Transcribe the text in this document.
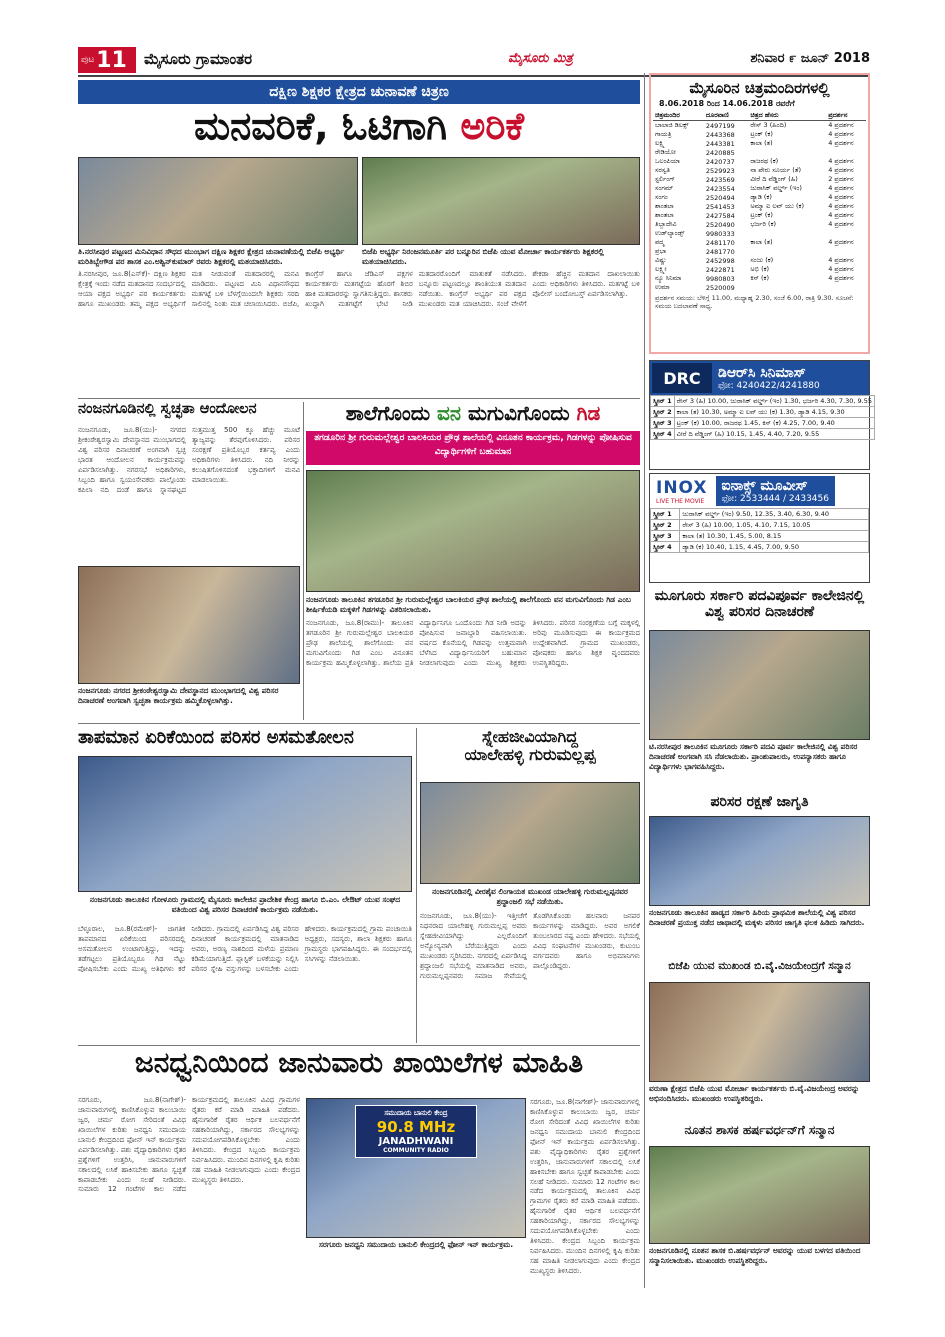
ಪುಟ 11 ಮೈಸೂರು ಗ್ರಾಮಾಂತರ	ಮೈಸೂರು ಮಿತ್ರ	ಶನಿವಾರ ೯ ಜೂನ್ 2018
ದಕ್ಷಿಣ ಶಿಕ್ಷಕರ ಕ್ಷೇತ್ರದ ಚುನಾವಣೆ ಚಿತ್ರಣ
ಮನವರಿಕೆ, ಓಟಿಗಾಗಿ ಅರಿಕೆ
ತಿ.ನರಸೀಪುರ ಪಟ್ಟಣದ ಮಿನಿವಿಧಾನ ಸೌಧದ ಮುಂಭಾಗ ದಕ್ಷಿಣ ಶಿಕ್ಷಕರ ಕ್ಷೇತ್ರದ ಚುನಾವಣೆಯಲ್ಲಿ ಬಿಜೆಪಿ ಅಭ್ಯರ್ಥಿ ಮರಿತಿಬ್ಬೇಗೌಡ ಪರ ಶಾಸಕ ಎಂ.ಅಶ್ವಿನ್‌ಕುಮಾರ್ ರವರು ಶಿಕ್ಷಕರಲ್ಲಿ ಮತಯಾಚಿಸಿದರು.
ಬಿಜೆಪಿ ಅಭ್ಯರ್ಥಿ ನಿರಂಜನಮೂರ್ತಿ ಪರ ಬನ್ನೂರಿನ ಬಿಜೆಪಿ ಯುವ ಮೋರ್ಚಾ ಕಾರ್ಯಕರ್ತರು ಶಿಕ್ಷಕರಲ್ಲಿ ಮತಯಾಚಿಸಿದರು.
ತಿ.ನರಸೀಪುರ, ಜೂ.8(ಎಸ್‌ಕೆ)- ದಕ್ಷಿಣ ಶಿಕ್ಷಕರ ಕ್ಷೇತ್ರಕ್ಕೆ ಇಂದು ನಡೆದ ಮತದಾನದ ಸಂದರ್ಭದಲ್ಲಿ ಆಯಾ ಪಕ್ಷದ ಅಭ್ಯರ್ಥಿ ಪರ ಕಾರ್ಯಕರ್ತರು ಹಾಗೂ ಮುಖಂಡರು ತಮ್ಮ ಪಕ್ಷದ ಅಭ್ಯರ್ಥಿಗೆ ಮತ ನೀಡುವಂತೆ ಮತದಾರರಲ್ಲಿ ಮನವಿ ಮಾಡಿದರು. ಪಟ್ಟಣದ ಮಿನಿ ವಿಧಾನಸೌಧದ ಮತಗಟ್ಟೆ ಬಳಿ ಬೆಳಗ್ಗೆಯಿಂದಲೇ ಶಿಕ್ಷಕರು ಸರದಿ ಸಾಲಿನಲ್ಲಿ ನಿಂತು ಮತ ಚಲಾಯಿಸಿದರು. ಬಿಜೆಪಿ, ಕಾಂಗ್ರೆಸ್ ಹಾಗೂ ಜೆಡಿಎಸ್ ಪಕ್ಷಗಳ ಕಾರ್ಯಕರ್ತರು ಮತಗಟ್ಟೆಯ ಹೊರಗೆ ಶಿಬಿರ ಹಾಕಿ ಮತದಾರರನ್ನು ಸ್ವಾಗತಿಸುತ್ತಿದ್ದರು. ಶಾಸಕರು ಖುದ್ದಾಗಿ ಮತಗಟ್ಟೆಗೆ ಭೇಟಿ ನೀಡಿ ಮತದಾರರೊಂದಿಗೆ ಮಾತುಕತೆ ನಡೆಸಿದರು. ಬನ್ನೂರು ಪಟ್ಟಣದಲ್ಲೂ ಶಾಂತಿಯುತ ಮತದಾನ ನಡೆಯಿತು. ಕಾಂಗ್ರೆಸ್ ಅಭ್ಯರ್ಥಿ ಪರ ಪಕ್ಷದ ಮುಖಂಡರು ಮತ ಯಾಚಿಸಿದರು. ಸಂಜೆ ವೇಳೆಗೆ ಶೇಕಡಾ ಹೆಚ್ಚಿನ ಮತದಾನ ದಾಖಲಾಯಿತು ಎಂದು ಅಧಿಕಾರಿಗಳು ತಿಳಿಸಿದರು. ಮತಗಟ್ಟೆ ಬಳಿ ಪೊಲೀಸ್ ಬಂದೋಬಸ್ತ್ ಏರ್ಪಡಿಸಲಾಗಿತ್ತು.
ಮೈಸೂರಿನ ಚಿತ್ರಮಂದಿರಗಳಲ್ಲಿ
8.06.2018 ರಿಂದ 14.06.2018 ರವರೆಗೆ
ಚಿತ್ರಮಂದಿರ	ದೂರವಾಣಿ	ಚಿತ್ರದ ಹೆಸರು	ಪ್ರದರ್ಶನ
ಬಾಲಾಜಿ ಡಿಲಕ್ಸ್	2497199	ರೇಸ್ 3 (ಹಿಂದಿ)	4 ಪ್ರದರ್ಶನ
ಗಾಯತ್ರಿ	2443368	ಟ್ರಂಕ್ (ಕ)	4 ಪ್ರದರ್ಶನ
ಲಕ್ಷ್ಮಿ	2443381	ಕಾಲಾ (ತ)	4 ಪ್ರದರ್ಶನ
ರೇಡಿಯೋ	2420885		
ಒಲಂಪಿಯಾ	2420737	ರಾಜರಥ (ಕ)	4 ಪ್ರದರ್ಶನ
ಸರಸ್ವತಿ	2529923	ನಾ ಪೇರು ಸೂರ್ಯ (ತೆ)	4 ಪ್ರದರ್ಶನ
ಸ್ಟರ್ಲಿಂಗ್	2423569	ವೀರೆ ದಿ ವೆಡ್ಡಿಂಗ್ (ಹಿ)	2 ಪ್ರದರ್ಶನ
ಸಂಗಮ್	2423554	ಜುರಾಸಿಕ್ ವರ್ಲ್ಡ್ (ಇಂ)	4 ಪ್ರದರ್ಶನ
ಸಂಗಂ	2520494	ಡ್ಯಾಡಿ (ಕ)	4 ಪ್ರದರ್ಶನ
ಶಾಂತಲಾ	2541453	ಅಮ್ಮಾ ಐ ಲವ್ ಯು (ಕ)	4 ಪ್ರದರ್ಶನ
ಶಾಂತಲಾ	2427584	ಟ್ರಂಕ್ (ಕ)	4 ಪ್ರದರ್ಶನ
ತಿಬ್ಬಾದೇವಿ	2520490	ಭರ್ಜರಿ (ಕ)	4 ಪ್ರದರ್ಶನ
ಉಡ್‌ಲ್ಯಾಂಡ್ಸ್	9980333		
ಪದ್ಮ	2481170	ಕಾಲಾ (ತ)	4 ಪ್ರದರ್ಶನ
ಪ್ರಭಾ	2481770		
ವಿಷ್ಣು	2452998	ಸಂಜು (ಕ)	4 ಪ್ರದರ್ಶನ
ಲಕ್ಷ್ಮೀ	2422871	ಅಭಿ (ಕ)	4 ಪ್ರದರ್ಶನ
ನ್ಯೂ ಸಿನಿಮಾ	9980803	ಕಿಸ್ (ಕ)	4 ಪ್ರದರ್ಶನ
ಉಮಾ	2520009		
ಪ್ರದರ್ಶನ ಸಮಯ: ಬೆಳಿಗ್ಗೆ 11.00, ಮಧ್ಯಾಹ್ನ 2.30, ಸಂಜೆ 6.00, ರಾತ್ರಿ 9.30. ಸೂಚನೆ: ಸಮಯ ಬದಲಾವಣೆ ಸಾಧ್ಯ.
DRC	ಡಿಆರ್‌ಸಿ ಸಿನಿಮಾಸ್
ಫೋ: 4240422/4241880
ಸ್ಕ್ರೀನ್ 1	ರೇಸ್ 3 (ಹಿ) 10.00, ಜುರಾಸಿಕ್ ವರ್ಲ್ಡ್ (ಇಂ) 1.30, ಭರ್ಜರಿ 4.30, 7.30, 9.55
ಸ್ಕ್ರೀನ್ 2	ಕಾಲಾ (ತ) 10.30, ಅಮ್ಮಾ ಐ ಲವ್ ಯು (ಕ) 1.30, ಡ್ಯಾಡಿ 4.15, 9.30
ಸ್ಕ್ರೀನ್ 3	ಟ್ರಂಕ್ (ಕ) 10.00, ರಾಜರಥ 1.45, ಕಿಸ್ (ಕ) 4.25, 7.00, 9.40
ಸ್ಕ್ರೀನ್ 4	ವೀರೆ ದಿ ವೆಡ್ಡಿಂಗ್ (ಹಿ) 10.15, 1.45, 4.40, 7.20, 9.55
INOX
LIVE THE MOVIE
ಐನಾಕ್ಸ್ ಮೂವೀಸ್
ಫೋ: 2533444 / 2433456
ಸ್ಕ್ರೀನ್ 1	ಜುರಾಸಿಕ್ ವರ್ಲ್ಡ್ (ಇಂ) 9.50, 12.35, 3.40, 6.30, 9.40
ಸ್ಕ್ರೀನ್ 2	ರೇಸ್ 3 (ಹಿ) 10.00, 1.05, 4.10, 7.15, 10.05
ಸ್ಕ್ರೀನ್ 3	ಕಾಲಾ (ತ) 10.30, 1.45, 5.00, 8.15
ಸ್ಕ್ರೀನ್ 4	ಡ್ಯಾಡಿ (ಕ) 10.40, 1.15, 4.45, 7.00, 9.50
ನಂಜನಗೂಡಿನಲ್ಲಿ ಸ್ವಚ್ಛತಾ ಆಂದೋಲನ
ನಂಜನಗೂಡು, ಜೂ.8(ಯು)- ನಗರದ ಶ್ರೀಕಂಠೇಶ್ವರಸ್ವಾಮಿ ದೇವಸ್ಥಾನದ ಮುಂಭಾಗದಲ್ಲಿ ವಿಶ್ವ ಪರಿಸರ ದಿನಾಚರಣೆ ಅಂಗವಾಗಿ ಸ್ವಚ್ಛ ಭಾರತ ಆಂದೋಲನ ಕಾರ್ಯಕ್ರಮವನ್ನು ಏರ್ಪಡಿಸಲಾಗಿತ್ತು. ನಗರಸಭೆ ಅಧಿಕಾರಿಗಳು, ಸಿಬ್ಬಂದಿ ಹಾಗೂ ಸ್ವಯಂಸೇವಕರು ಪಾಲ್ಗೊಂಡು ಕಪಿಲಾ ನದಿ ದಂಡೆ ಹಾಗೂ ಸ್ನಾನಘಟ್ಟದ ಸುತ್ತಮುತ್ತ 500 ಕ್ಕೂ ಹೆಚ್ಚು ಮೂಟೆ ತ್ಯಾಜ್ಯವನ್ನು ತೆರವುಗೊಳಿಸಿದರು. ಪರಿಸರ ಸಂರಕ್ಷಣೆ ಪ್ರತಿಯೊಬ್ಬರ ಕರ್ತವ್ಯ ಎಂದು ಅಧಿಕಾರಿಗಳು ತಿಳಿಸಿದರು. ನದಿ ನೀರನ್ನು ಕಲುಷಿತಗೊಳಿಸದಂತೆ ಭಕ್ತಾದಿಗಳಿಗೆ ಮನವಿ ಮಾಡಲಾಯಿತು.
ನಂಜನಗೂಡು ನಗರದ ಶ್ರೀಕಂಠೇಶ್ವರಸ್ವಾಮಿ ದೇವಸ್ಥಾನದ ಮುಂಭಾಗದಲ್ಲಿ ವಿಶ್ವ ಪರಿಸರ ದಿನಾಚರಣೆ ಅಂಗವಾಗಿ ಸ್ವಚ್ಛತಾ ಕಾರ್ಯಕ್ರಮ ಹಮ್ಮಿಕೊಳ್ಳಲಾಗಿತ್ತು.
ಶಾಲೆಗೊಂದು ವನ ಮಗುವಿಗೊಂದು ಗಿಡ
ತಗಡೂರಿನ ಶ್ರೀ ಗುರುಮಲ್ಲೇಶ್ವರ ಬಾಲಕಿಯರ ಪ್ರೌಢ ಶಾಲೆಯಲ್ಲಿ ವಿನೂತನ ಕಾರ್ಯಕ್ರಮ, ಗಿಡಗಳನ್ನು ಪೋಷಿಸುವ ವಿದ್ಯಾರ್ಥಿಗಳಿಗೆ ಬಹುಮಾನ
ನಂಜನಗೂಡು ತಾಲೂಕಿನ ತಗಡೂರಿನ ಶ್ರೀ ಗುರುಮಲ್ಲೇಶ್ವರ ಬಾಲಕಿಯರ ಪ್ರೌಢ ಶಾಲೆಯಲ್ಲಿ ಶಾಲೆಗೊಂದು ವನ ಮಗುವಿಗೊಂದು ಗಿಡ ಎಂಬ ಶೀರ್ಷಿಕೆಯಡಿ ಮಕ್ಕಳಿಗೆ ಗಿಡಗಳನ್ನು ವಿತರಿಸಲಾಯಿತು.
ನಂಜನಗೂಡು, ಜೂ.8(ರಾಮು)- ತಾಲೂಕಿನ ತಗಡೂರಿನ ಶ್ರೀ ಗುರುಮಲ್ಲೇಶ್ವರ ಬಾಲಕಿಯರ ಪ್ರೌಢ ಶಾಲೆಯಲ್ಲಿ ಶಾಲೆಗೊಂದು ವನ ಮಗುವಿಗೊಂದು ಗಿಡ ಎಂಬ ವಿನೂತನ ಕಾರ್ಯಕ್ರಮ ಹಮ್ಮಿಕೊಳ್ಳಲಾಗಿತ್ತು. ಶಾಲೆಯ ಪ್ರತಿ ವಿದ್ಯಾರ್ಥಿನಿಗೂ ಒಂದೊಂದು ಗಿಡ ನೀಡಿ ಅದನ್ನು ಪೋಷಿಸುವ ಜವಾಬ್ದಾರಿ ವಹಿಸಲಾಯಿತು. ವರ್ಷದ ಕೊನೆಯಲ್ಲಿ ಗಿಡವನ್ನು ಉತ್ತಮವಾಗಿ ಬೆಳೆಸಿದ ವಿದ್ಯಾರ್ಥಿನಿಯರಿಗೆ ಬಹುಮಾನ ನೀಡಲಾಗುವುದು ಎಂದು ಮುಖ್ಯ ಶಿಕ್ಷಕರು ತಿಳಿಸಿದರು. ಪರಿಸರ ಸಂರಕ್ಷಣೆಯ ಬಗ್ಗೆ ಮಕ್ಕಳಲ್ಲಿ ಅರಿವು ಮೂಡಿಸುವುದು ಈ ಕಾರ್ಯಕ್ರಮದ ಉದ್ದೇಶವಾಗಿದೆ. ಗ್ರಾಮದ ಮುಖಂಡರು, ಪೋಷಕರು ಹಾಗೂ ಶಿಕ್ಷಕ ವೃಂದದವರು ಉಪಸ್ಥಿತರಿದ್ದರು.
ಮೂಗೂರು ಸರ್ಕಾರಿ ಪದವಿಪೂರ್ವ ಕಾಲೇಜಿನಲ್ಲಿ ವಿಶ್ವ ಪರಿಸರ ದಿನಾಚರಣೆ
ಟಿ.ನರಸೀಪುರ ತಾಲೂಕಿನ ಮೂಗೂರು ಸರ್ಕಾರಿ ಪದವಿ ಪೂರ್ವ ಕಾಲೇಜಿನಲ್ಲಿ ವಿಶ್ವ ಪರಿಸರ ದಿನಾಚರಣೆ ಅಂಗವಾಗಿ ಸಸಿ ನೆಡಲಾಯಿತು. ಪ್ರಾಂಶುಪಾಲರು, ಉಪನ್ಯಾಸಕರು ಹಾಗೂ ವಿದ್ಯಾರ್ಥಿಗಳು ಭಾಗವಹಿಸಿದ್ದರು.
ಪರಿಸರ ರಕ್ಷಣೆ ಜಾಗೃತಿ
ನಂಜನಗೂಡು ತಾಲೂಕಿನ ಹಾಡ್ಯದ ಸರ್ಕಾರಿ ಹಿರಿಯ ಪ್ರಾಥಮಿಕ ಶಾಲೆಯಲ್ಲಿ ವಿಶ್ವ ಪರಿಸರ ದಿನಾಚರಣೆ ಪ್ರಯುಕ್ತ ನಡೆದ ಜಾಥಾದಲ್ಲಿ ಮಕ್ಕಳು ಪರಿಸರ ಜಾಗೃತಿ ಫಲಕ ಹಿಡಿದು ಸಾಗಿದರು.
ಬಿಜೆಪಿ ಯುವ ಮುಖಂಡ ಬಿ.ವೈ.ವಿಜಯೇಂದ್ರಗೆ ಸನ್ಮಾನ
ವರುಣಾ ಕ್ಷೇತ್ರದ ಬಿಜೆಪಿ ಯುವ ಮೋರ್ಚಾ ಕಾರ್ಯಕರ್ತರು ಬಿ.ವೈ.ವಿಜಯೇಂದ್ರ ಅವರನ್ನು ಅಭಿನಂದಿಸಿದರು. ಮುಖಂಡರು ಉಪಸ್ಥಿತರಿದ್ದರು.
ತಾಪಮಾನ ಏರಿಕೆಯಿಂದ ಪರಿಸರ ಅಸಮತೋಲನ
ನಂಜನಗೂಡು ತಾಲೂಕಿನ ಗೋಳೂರು ಗ್ರಾಮದಲ್ಲಿ ಮೈಸೂರು ಕಾಲೇಜಿನ ಪ್ರಾದೇಶಿಕ ಕೇಂದ್ರ ಹಾಗೂ ಬಿ.ಎಂ. ಲೇಔಟ್ ಯುವ ಸಂಘದ ವತಿಯಿಂದ ವಿಶ್ವ ಪರಿಸರ ದಿನಾಚರಣೆ ಕಾರ್ಯಕ್ರಮ ನಡೆಯಿತು.
ಬೆಳ್ಳೂರಾಲ, ಜೂ.8(ರಮೇಶ್)- ಜಾಗತಿಕ ತಾಪಮಾನದ ಏರಿಕೆಯಿಂದ ಪರಿಸರದಲ್ಲಿ ಅಸಮತೋಲನ ಉಂಟಾಗುತ್ತಿದ್ದು, ಇದನ್ನು ತಡೆಗಟ್ಟಲು ಪ್ರತಿಯೊಬ್ಬರೂ ಗಿಡ ನೆಟ್ಟು ಪೋಷಿಸಬೇಕು ಎಂದು ಮುಖ್ಯ ಅತಿಥಿಗಳು ಕರೆ ನೀಡಿದರು. ಗ್ರಾಮದಲ್ಲಿ ಏರ್ಪಡಿಸಿದ್ದ ವಿಶ್ವ ಪರಿಸರ ದಿನಾಚರಣೆ ಕಾರ್ಯಕ್ರಮದಲ್ಲಿ ಮಾತನಾಡಿದ ಅವರು, ಅರಣ್ಯ ನಾಶದಿಂದ ಮಳೆಯ ಪ್ರಮಾಣ ಕಡಿಮೆಯಾಗುತ್ತಿದೆ. ಪ್ಲಾಸ್ಟಿಕ್ ಬಳಕೆಯನ್ನು ನಿಲ್ಲಿಸಿ ಪರಿಸರ ಸ್ನೇಹಿ ವಸ್ತುಗಳನ್ನು ಬಳಸಬೇಕು ಎಂದು ಹೇಳಿದರು. ಕಾರ್ಯಕ್ರಮದಲ್ಲಿ ಗ್ರಾಮ ಪಂಚಾಯಿತಿ ಅಧ್ಯಕ್ಷರು, ಸದಸ್ಯರು, ಶಾಲಾ ಶಿಕ್ಷಕರು ಹಾಗೂ ಗ್ರಾಮಸ್ಥರು ಭಾಗವಹಿಸಿದ್ದರು. ಈ ಸಂದರ್ಭದಲ್ಲಿ ಸಸಿಗಳನ್ನು ನೆಡಲಾಯಿತು.
ಸ್ನೇಹಜೀವಿಯಾಗಿದ್ದ
ಯಾಲೇಹಳ್ಳಿ ಗುರುಮಲ್ಲಪ್ಪ
ನಂಜನಗೂಡಿನಲ್ಲಿ ವೀರಶೈವ ಲಿಂಗಾಯತ ಮುಖಂಡ ಯಾಲೇಹಳ್ಳಿ ಗುರುಮಲ್ಲಪ್ಪನವರ ಶ್ರದ್ಧಾಂಜಲಿ ಸಭೆ ನಡೆಯಿತು.
ನಂಜನಗೂಡು, ಜೂ.8(ಯು)- ಇತ್ತೀಚೆಗೆ ನಿಧನರಾದ ಯಾಲೇಹಳ್ಳಿ ಗುರುಮಲ್ಲಪ್ಪ ಅವರು ಸ್ನೇಹಜೀವಿಯಾಗಿದ್ದು ಎಲ್ಲರೊಂದಿಗೆ ಅನ್ಯೋನ್ಯವಾಗಿ ಬೆರೆಯುತ್ತಿದ್ದರು ಎಂದು ಮುಖಂಡರು ಸ್ಮರಿಸಿದರು. ನಗರದಲ್ಲಿ ಏರ್ಪಡಿಸಿದ್ದ ಶ್ರದ್ಧಾಂಜಲಿ ಸಭೆಯಲ್ಲಿ ಮಾತನಾಡಿದ ಅವರು, ಗುರುಮಲ್ಲಪ್ಪನವರು ಸಮಾಜ ಸೇವೆಯಲ್ಲಿ ತೊಡಗಿಸಿಕೊಂಡು ಹಲವಾರು ಜನಪರ ಕಾರ್ಯಗಳನ್ನು ಮಾಡಿದ್ದರು. ಅವರ ಅಗಲಿಕೆ ತುಂಬಲಾರದ ನಷ್ಟ ಎಂದು ಹೇಳಿದರು. ಸಭೆಯಲ್ಲಿ ವಿವಿಧ ಸಂಘಟನೆಗಳ ಮುಖಂಡರು, ಕುಟುಂಬ ವರ್ಗದವರು ಹಾಗೂ ಅಭಿಮಾನಿಗಳು ಪಾಲ್ಗೊಂಡಿದ್ದರು.
ಜನಧ್ವನಿಯಿಂದ ಜಾನುವಾರು ಖಾಯಿಲೆಗಳ ಮಾಹಿತಿ
ಸರಗೂರು, ಜೂ.8(ನಾಗೇಶ್)- ಜಾನುವಾರುಗಳಲ್ಲಿ ಕಾಣಿಸಿಕೊಳ್ಳುವ ಕಾಲುಬಾಯಿ ಜ್ವರ, ಚರ್ಮ ರೋಗ ಸೇರಿದಂತೆ ವಿವಿಧ ಖಾಯಿಲೆಗಳ ಕುರಿತು ಜನಧ್ವನಿ ಸಮುದಾಯ ಬಾನುಲಿ ಕೇಂದ್ರದಿಂದ ಫೋನ್ ಇನ್ ಕಾರ್ಯಕ್ರಮ ಏರ್ಪಡಿಸಲಾಗಿತ್ತು. ಪಶು ವೈದ್ಯಾಧಿಕಾರಿಗಳು ರೈತರ ಪ್ರಶ್ನೆಗಳಿಗೆ ಉತ್ತರಿಸಿ, ಜಾನುವಾರುಗಳಿಗೆ ಸಕಾಲದಲ್ಲಿ ಲಸಿಕೆ ಹಾಕಿಸಬೇಕು ಹಾಗೂ ಸ್ವಚ್ಛತೆ ಕಾಪಾಡಬೇಕು ಎಂದು ಸಲಹೆ ನೀಡಿದರು. ಸುಮಾರು 12 ಗಂಟೆಗಳ ಕಾಲ ನಡೆದ ಕಾರ್ಯಕ್ರಮದಲ್ಲಿ ತಾಲೂಕಿನ ವಿವಿಧ ಗ್ರಾಮಗಳ ರೈತರು ಕರೆ ಮಾಡಿ ಮಾಹಿತಿ ಪಡೆದರು. ಹೈನುಗಾರಿಕೆ ರೈತರ ಆರ್ಥಿಕ ಬಲವರ್ಧನೆಗೆ ಸಹಕಾರಿಯಾಗಿದ್ದು, ಸರ್ಕಾರದ ಸೌಲಭ್ಯಗಳನ್ನು ಸದುಪಯೋಗಪಡಿಸಿಕೊಳ್ಳಬೇಕು ಎಂದು ತಿಳಿಸಿದರು. ಕೇಂದ್ರದ ಸಿಬ್ಬಂದಿ ಕಾರ್ಯಕ್ರಮ ನಿರ್ವಹಿಸಿದರು. ಮುಂದಿನ ದಿನಗಳಲ್ಲಿ ಕೃಷಿ ಕುರಿತು ಸಹ ಮಾಹಿತಿ ನೀಡಲಾಗುವುದು ಎಂದು ಕೇಂದ್ರದ ಮುಖ್ಯಸ್ಥರು ತಿಳಿಸಿದರು.
ಸಮುದಾಯ ಬಾನುಲಿ ಕೇಂದ್ರ
90.8 MHz
JANADHWANI
COMMUNITY RADIO
ಸರಗೂರು ಜನಧ್ವನಿ ಸಮುದಾಯ ಬಾನುಲಿ ಕೇಂದ್ರದಲ್ಲಿ ಫೋನ್ ಇನ್ ಕಾರ್ಯಕ್ರಮ.
ಸರಗೂರು, ಜೂ.8(ನಾಗೇಶ್)- ಜಾನುವಾರುಗಳಲ್ಲಿ ಕಾಣಿಸಿಕೊಳ್ಳುವ ಕಾಲುಬಾಯಿ ಜ್ವರ, ಚರ್ಮ ರೋಗ ಸೇರಿದಂತೆ ವಿವಿಧ ಖಾಯಿಲೆಗಳ ಕುರಿತು ಜನಧ್ವನಿ ಸಮುದಾಯ ಬಾನುಲಿ ಕೇಂದ್ರದಿಂದ ಫೋನ್ ಇನ್ ಕಾರ್ಯಕ್ರಮ ಏರ್ಪಡಿಸಲಾಗಿತ್ತು. ಪಶು ವೈದ್ಯಾಧಿಕಾರಿಗಳು ರೈತರ ಪ್ರಶ್ನೆಗಳಿಗೆ ಉತ್ತರಿಸಿ, ಜಾನುವಾರುಗಳಿಗೆ ಸಕಾಲದಲ್ಲಿ ಲಸಿಕೆ ಹಾಕಿಸಬೇಕು ಹಾಗೂ ಸ್ವಚ್ಛತೆ ಕಾಪಾಡಬೇಕು ಎಂದು ಸಲಹೆ ನೀಡಿದರು. ಸುಮಾರು 12 ಗಂಟೆಗಳ ಕಾಲ ನಡೆದ ಕಾರ್ಯಕ್ರಮದಲ್ಲಿ ತಾಲೂಕಿನ ವಿವಿಧ ಗ್ರಾಮಗಳ ರೈತರು ಕರೆ ಮಾಡಿ ಮಾಹಿತಿ ಪಡೆದರು. ಹೈನುಗಾರಿಕೆ ರೈತರ ಆರ್ಥಿಕ ಬಲವರ್ಧನೆಗೆ ಸಹಕಾರಿಯಾಗಿದ್ದು, ಸರ್ಕಾರದ ಸೌಲಭ್ಯಗಳನ್ನು ಸದುಪಯೋಗಪಡಿಸಿಕೊಳ್ಳಬೇಕು ಎಂದು ತಿಳಿಸಿದರು. ಕೇಂದ್ರದ ಸಿಬ್ಬಂದಿ ಕಾರ್ಯಕ್ರಮ ನಿರ್ವಹಿಸಿದರು. ಮುಂದಿನ ದಿನಗಳಲ್ಲಿ ಕೃಷಿ ಕುರಿತು ಸಹ ಮಾಹಿತಿ ನೀಡಲಾಗುವುದು ಎಂದು ಕೇಂದ್ರದ ಮುಖ್ಯಸ್ಥರು ತಿಳಿಸಿದರು.
ನೂತನ ಶಾಸಕ ಹರ್ಷವರ್ಧನ್‌ಗೆ ಸನ್ಮಾನ
ನಂಜನಗೂಡಿನಲ್ಲಿ ನೂತನ ಶಾಸಕ ಬಿ.ಹರ್ಷವರ್ಧನ್ ಅವರನ್ನು ಯುವ ಬಳಗದ ವತಿಯಿಂದ ಸನ್ಮಾನಿಸಲಾಯಿತು. ಮುಖಂಡರು ಉಪಸ್ಥಿತರಿದ್ದರು.
